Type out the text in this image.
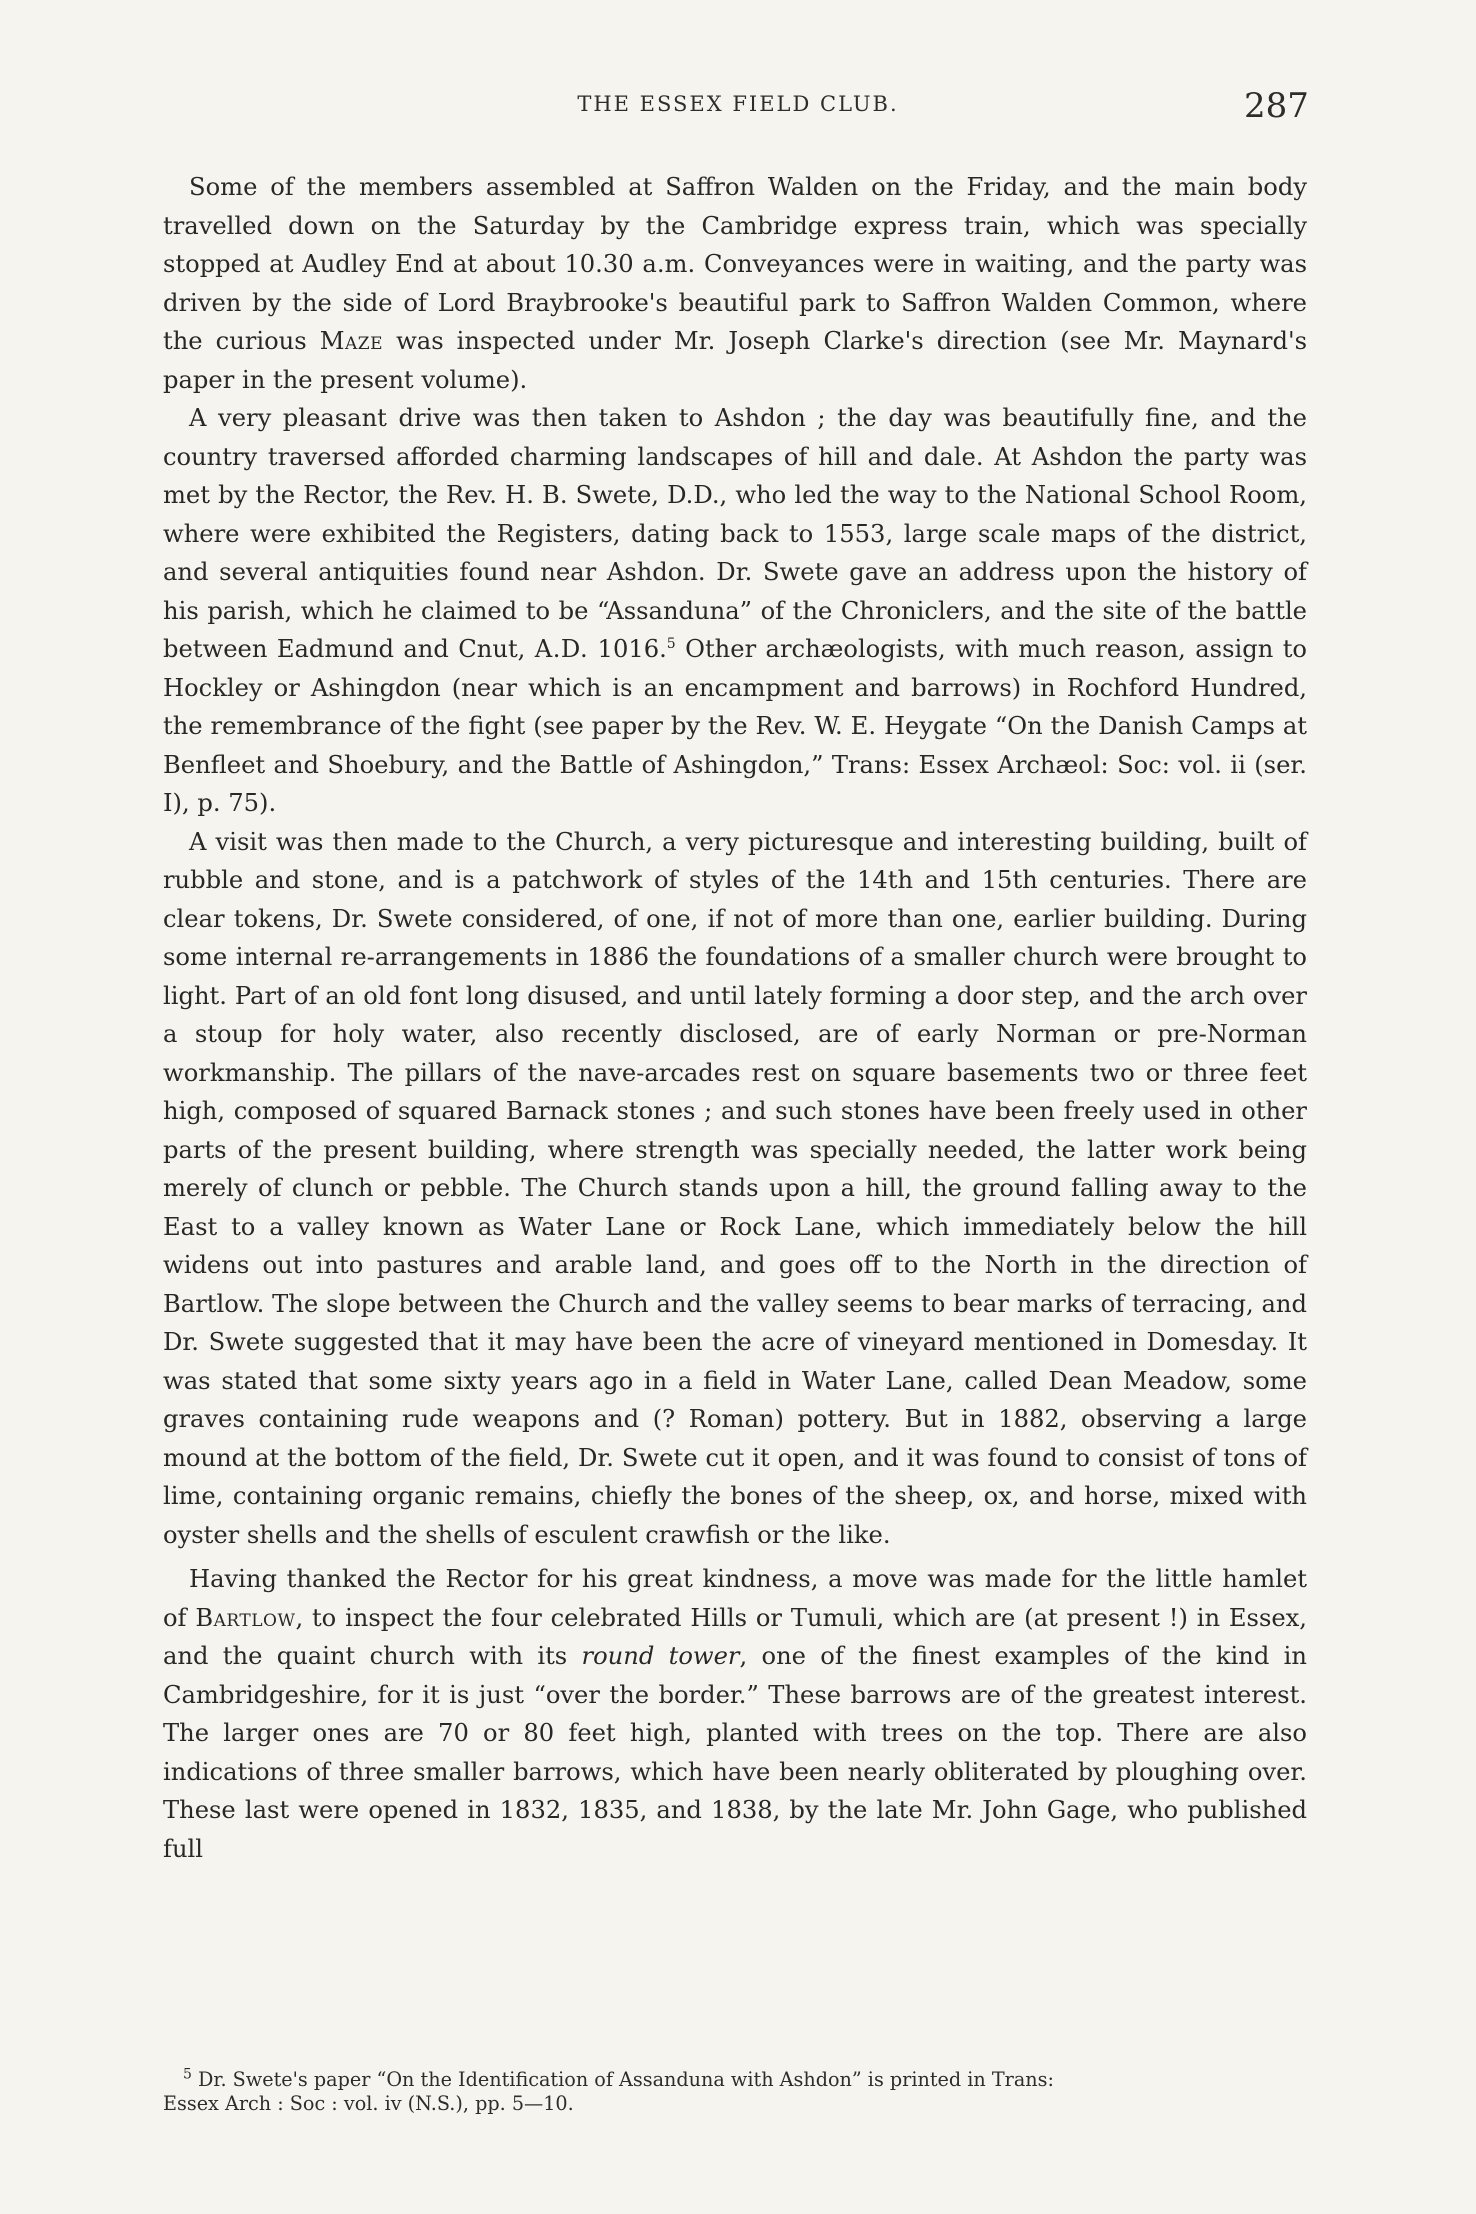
THE ESSEX FIELD CLUB.	287

Some of the members assembled at Saffron Walden on the Friday, and the main body travelled down on the Saturday by the Cambridge express train, which was specially stopped at Audley End at about 10.30 a.m. Conveyances were in waiting, and the party was driven by the side of Lord Braybrooke's beautiful park to Saffron Walden Common, where the curious Maze was inspected under Mr. Joseph Clarke's direction (see Mr. Maynard's paper in the present volume).

A very pleasant drive was then taken to Ashdon ; the day was beautifully fine, and the country traversed afforded charming landscapes of hill and dale. At Ashdon the party was met by the Rector, the Rev. H. B. Swete, D.D., who led the way to the National School Room, where were exhibited the Registers, dating back to 1553, large scale maps of the district, and several antiquities found near Ashdon. Dr. Swete gave an address upon the history of his parish, which he claimed to be “Assanduna” of the Chroniclers, and the site of the battle between Eadmund and Cnut, A.D. 1016.$^5$ Other archæologists, with much reason, assign to Hockley or Ashingdon (near which is an encampment and barrows) in Rochford Hundred, the remembrance of the fight (see paper by the Rev. W. E. Heygate “On the Danish Camps at Benfleet and Shoebury, and the Battle of Ashingdon,” Trans: Essex Archæol: Soc: vol. ii (ser. I), p. 75).

A visit was then made to the Church, a very picturesque and interesting building, built of rubble and stone, and is a patchwork of styles of the 14th and 15th centuries. There are clear tokens, Dr. Swete considered, of one, if not of more than one, earlier building. During some internal re-arrangements in 1886 the foundations of a smaller church were brought to light. Part of an old font long disused, and until lately forming a door step, and the arch over a stoup for holy water, also recently disclosed, are of early Norman or pre-Norman workmanship. The pillars of the nave-arcades rest on square basements two or three feet high, composed of squared Barnack stones ; and such stones have been freely used in other parts of the present building, where strength was specially needed, the latter work being merely of clunch or pebble. The Church stands upon a hill, the ground falling away to the East to a valley known as Water Lane or Rock Lane, which immediately below the hill widens out into pastures and arable land, and goes off to the North in the direction of Bartlow. The slope between the Church and the valley seems to bear marks of terracing, and Dr. Swete suggested that it may have been the acre of vineyard mentioned in Domesday. It was stated that some sixty years ago in a field in Water Lane, called Dean Meadow, some graves containing rude weapons and (? Roman) pottery. But in 1882, observing a large mound at the bottom of the field, Dr. Swete cut it open, and it was found to consist of tons of lime, containing organic remains, chiefly the bones of the sheep, ox, and horse, mixed with oyster shells and the shells of esculent crawfish or the like.

Having thanked the Rector for his great kindness, a move was made for the little hamlet of Bartlow, to inspect the four celebrated Hills or Tumuli, which are (at present !) in Essex, and the quaint church with its round tower, one of the finest examples of the kind in Cambridgeshire, for it is just “over the border.” These barrows are of the greatest interest. The larger ones are 70 or 80 feet high, planted with trees on the top. There are also indications of three smaller barrows, which have been nearly obliterated by ploughing over. These last were opened in 1832, 1835, and 1838, by the late Mr. John Gage, who published full

$^5$ Dr. Swete's paper “On the Identification of Assanduna with Ashdon” is printed in Trans:
Essex Arch : Soc : vol. iv (N.S.), pp. 5—10.
